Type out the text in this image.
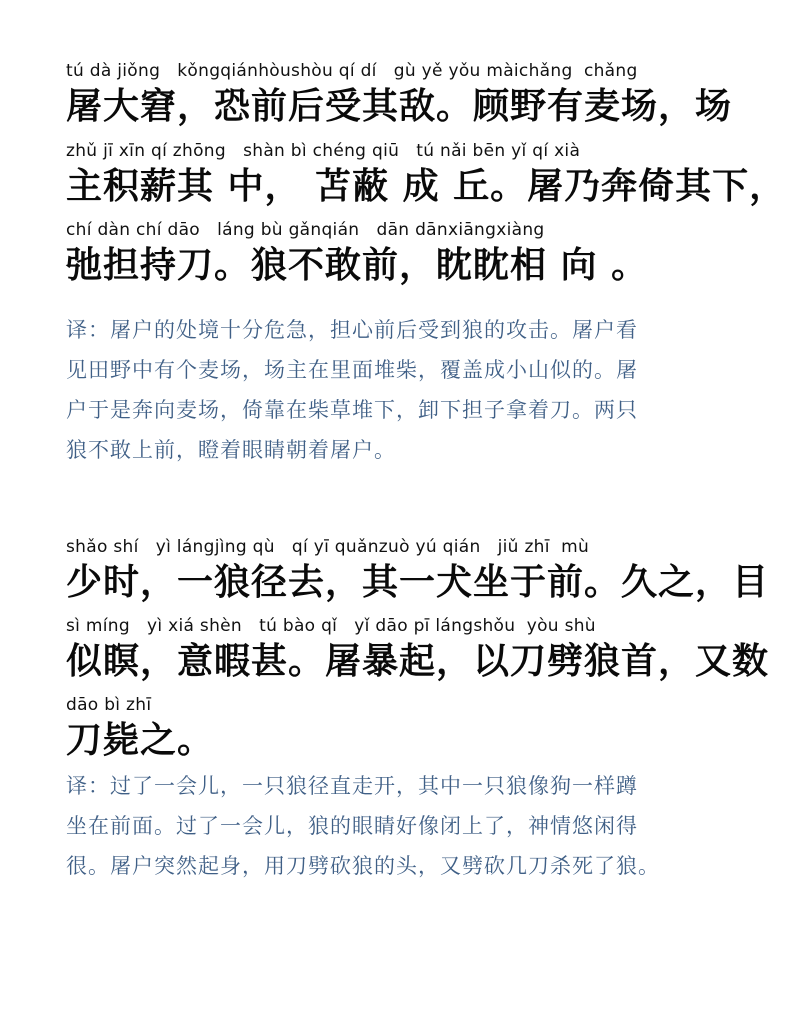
tú dà jiǒng   kǒngqiánhòushòu qí dí   gù yě yǒu màichǎng  chǎng
屠大窘，恐前后受其敌。顾野有麦场，场
zhǔ jī xīn qí zhōng   shàn bì chéng qiū   tú nǎi bēn yǐ qí xià
主积薪其 中， 苫蔽 成 丘。屠乃奔倚其下，
chí dàn chí dāo   láng bù gǎnqián   dān dānxiāngxiàng
弛担持刀。狼不敢前，眈眈相 向 。
译：屠户的处境十分危急，担心前后受到狼的攻击。屠户看
见田野中有个麦场，场主在里面堆柴，覆盖成小山似的。屠
户于是奔向麦场，倚靠在柴草堆下，卸下担子拿着刀。两只
狼不敢上前，瞪着眼睛朝着屠户。
shǎo shí   yì lángjìng qù   qí yī quǎnzuò yú qián   jiǔ zhī  mù
少时，一狼径去，其一犬坐于前。久之，目
sì míng   yì xiá shèn   tú bào qǐ   yǐ dāo pī lángshǒu  yòu shù
似瞑，意暇甚。屠暴起，以刀劈狼首，又数
dāo bì zhī
刀毙之。
译：过了一会儿，一只狼径直走开，其中一只狼像狗一样蹲
坐在前面。过了一会儿，狼的眼睛好像闭上了，神情悠闲得
很。屠户突然起身，用刀劈砍狼的头，又劈砍几刀杀死了狼。
